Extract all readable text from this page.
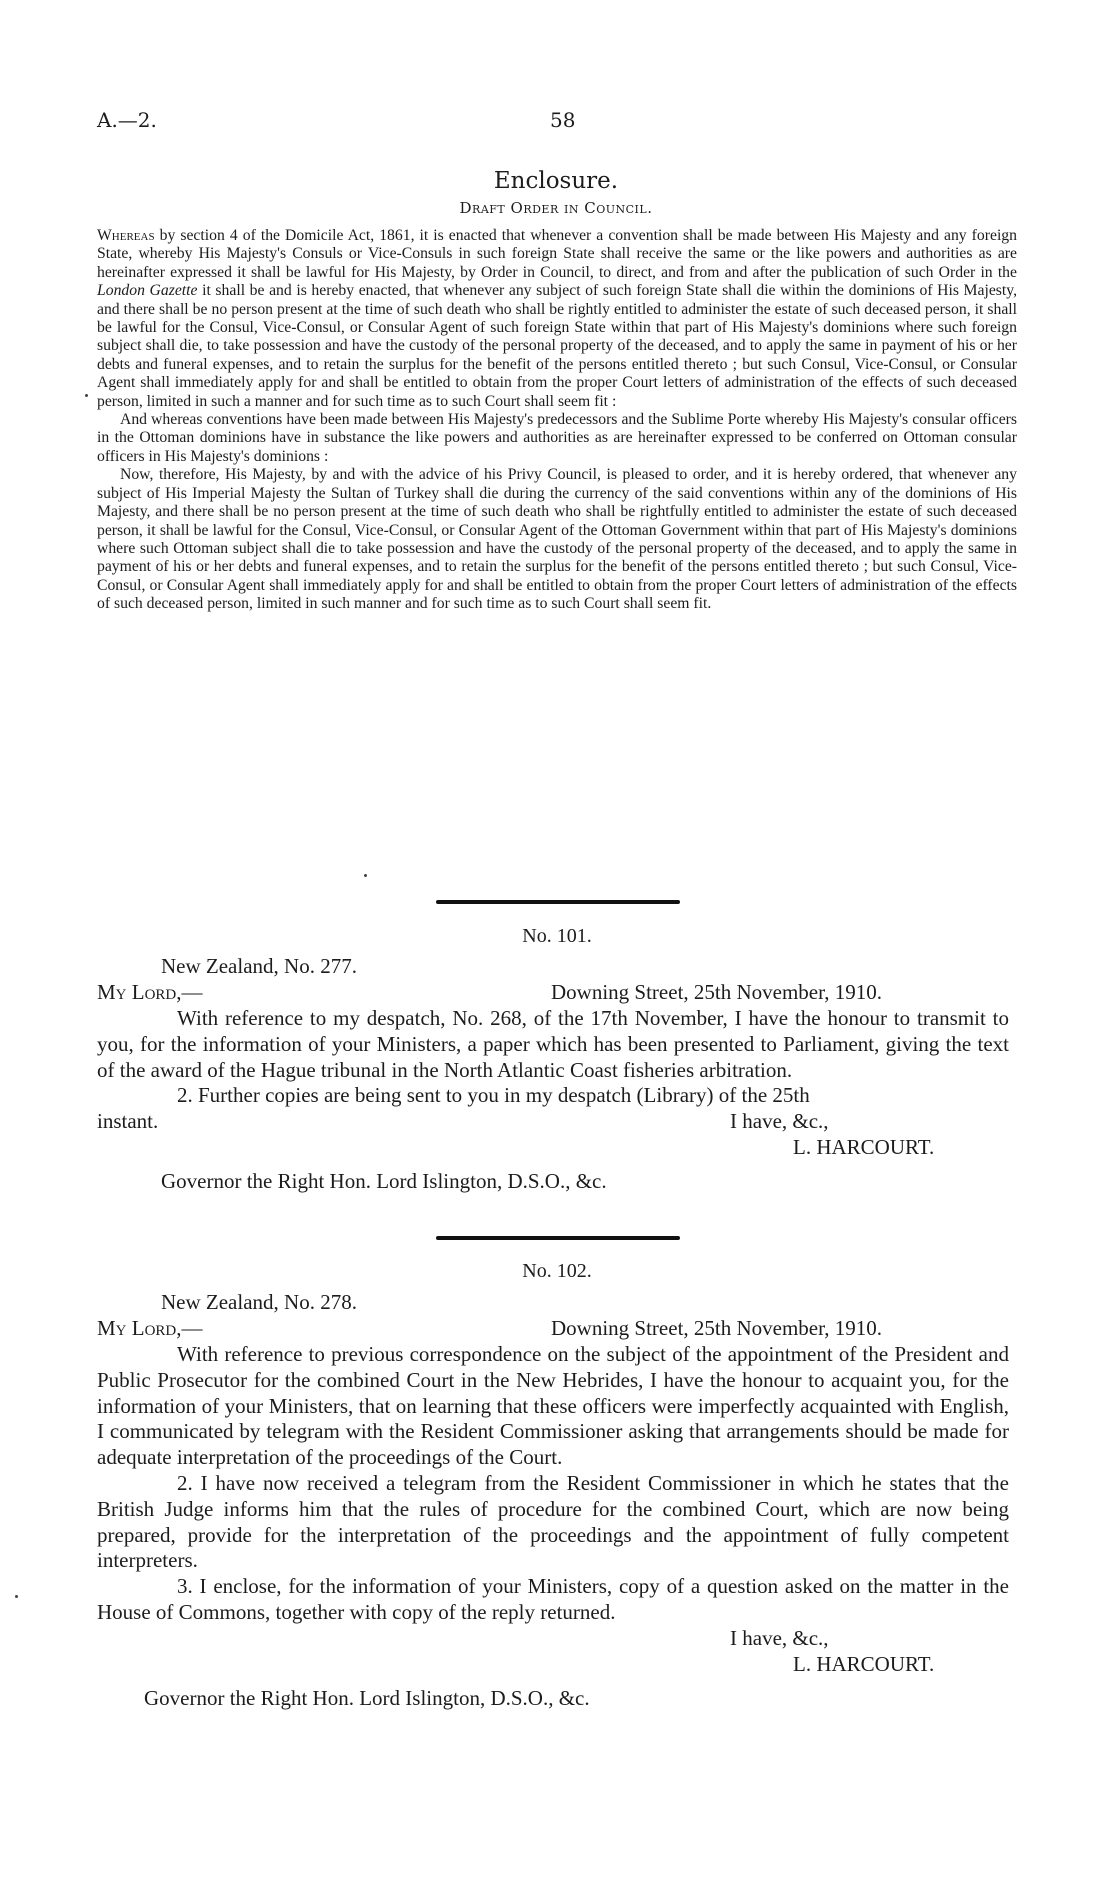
A.—2.	58
Enclosure.
Draft Order in Council.

Whereas by section 4 of the Domicile Act, 1861, it is enacted that whenever a convention shall be made between His Majesty and any foreign State, whereby His Majesty's Consuls or Vice-Consuls in such foreign State shall receive the same or the like powers and authorities as are hereinafter expressed it shall be lawful for His Majesty, by Order in Council, to direct, and from and after the publication of such Order in the London Gazette it shall be and is hereby enacted, that whenever any subject of such foreign State shall die within the dominions of His Majesty, and there shall be no person present at the time of such death who shall be rightly entitled to administer the estate of such deceased person, it shall be lawful for the Consul, Vice-Consul, or Consular Agent of such foreign State within that part of His Majesty's dominions where such foreign subject shall die, to take possession and have the custody of the personal property of the deceased, and to apply the same in payment of his or her debts and funeral expenses, and to retain the surplus for the benefit of the persons entitled thereto ; but such Consul, Vice-Consul, or Consular Agent shall immediately apply for and shall be entitled to obtain from the proper Court letters of administration of the effects of such deceased person, limited in such a manner and for such time as to such Court shall seem fit :

And whereas conventions have been made between His Majesty's predecessors and the Sublime Porte whereby His Majesty's consular officers in the Ottoman dominions have in substance the like powers and authorities as are hereinafter expressed to be conferred on Ottoman consular officers in His Majesty's dominions :

Now, therefore, His Majesty, by and with the advice of his Privy Council, is pleased to order, and it is hereby ordered, that whenever any subject of His Imperial Majesty the Sultan of Turkey shall die during the currency of the said conventions within any of the dominions of His Majesty, and there shall be no person present at the time of such death who shall be rightfully entitled to administer the estate of such deceased person, it shall be lawful for the Consul, Vice-Consul, or Consular Agent of the Ottoman Government within that part of His Majesty's dominions where such Ottoman subject shall die to take possession and have the custody of the personal property of the deceased, and to apply the same in payment of his or her debts and funeral expenses, and to retain the surplus for the benefit of the persons entitled thereto ; but such Consul, Vice-Consul, or Consular Agent shall immediately apply for and shall be entitled to obtain from the proper Court letters of administration of the effects of such deceased person, limited in such manner and for such time as to such Court shall seem fit.

No. 101.
New Zealand, No. 277.
My Lord,—	Downing Street, 25th November, 1910.

With reference to my despatch, No. 268, of the 17th November, I have the honour to transmit to you, for the information of your Ministers, a paper which has been presented to Parliament, giving the text of the award of the Hague tribunal in the North Atlantic Coast fisheries arbitration.

2. Further copies are being sent to you in my despatch (Library) of the 25th
instant.	I have, &c.,
L. HARCOURT.
Governor the Right Hon. Lord Islington, D.S.O., &c.
No. 102.
New Zealand, No. 278.
My Lord,—	Downing Street, 25th November, 1910.

With reference to previous correspondence on the subject of the appointment of the President and Public Prosecutor for the combined Court in the New Hebrides, I have the honour to acquaint you, for the information of your Ministers, that on learning that these officers were imperfectly acquainted with English, I communicated by telegram with the Resident Commissioner asking that arrangements should be made for adequate interpretation of the proceedings of the Court.

2. I have now received a telegram from the Resident Commissioner in which he states that the British Judge informs him that the rules of procedure for the combined Court, which are now being prepared, provide for the interpretation of the proceedings and the appointment of fully competent interpreters.

3. I enclose, for the information of your Ministers, copy of a question asked on the matter in the House of Commons, together with copy of the reply returned.

I have, &c.,
L. HARCOURT.
Governor the Right Hon. Lord Islington, D.S.O., &c.
